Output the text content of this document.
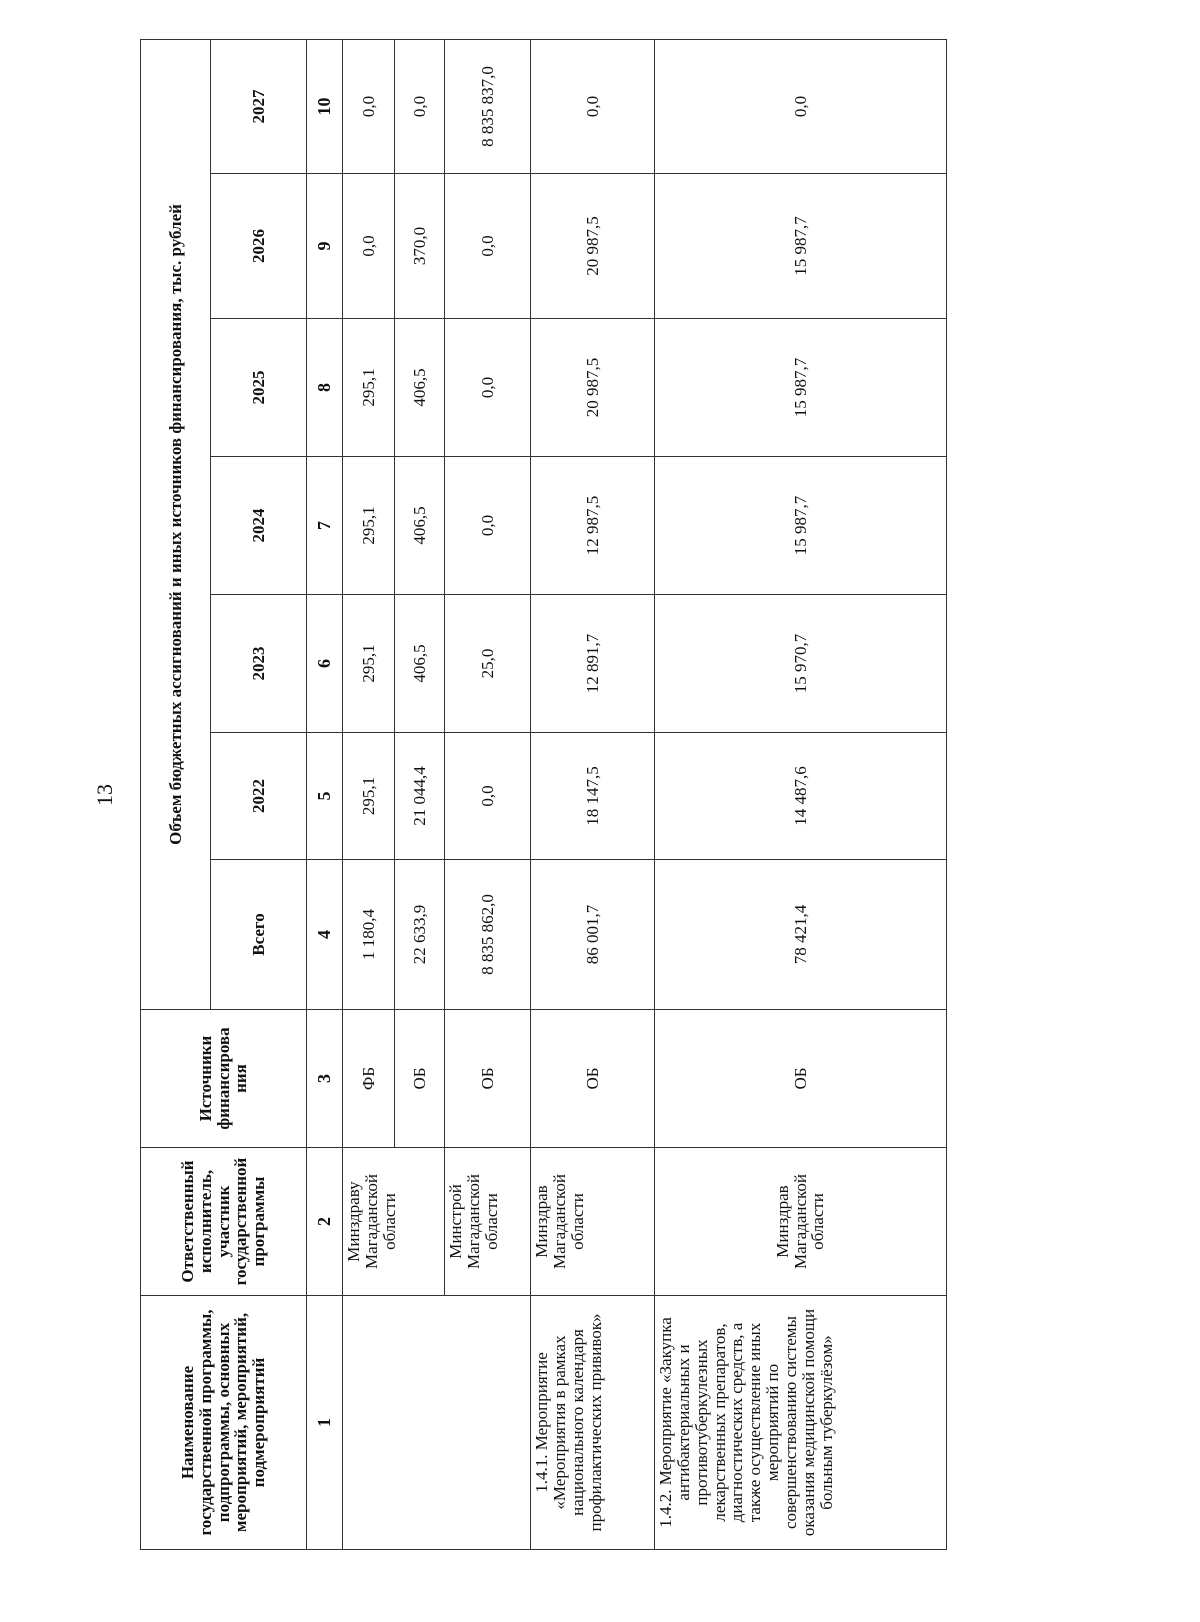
13
Наименование государственной программы, подпрограммы, основных мероприятий, мероприятий, подмероприятий	Ответственный исполнитель, участник государственной программы	Источники финансирова ния	Объем бюджетных ассигнований и иных источников финансирования, тыс. рублей						
			Всего	2022	2023	2024	2025	2026	2027
1	2	3	4	5	6	7	8	9	10
	Минздраву Магаданской области	ФБ	1 180,4	295,1	295,1	295,1	295,1	0,0	0,0
		ОБ	22 633,9	21 044,4	406,5	406,5	406,5	370,0	0,0
	Минстрой Магаданской области	ОБ	8 835 862,0	0,0	25,0	0,0	0,0	0,0	8 835 837,0
1.4.1. Мероприятие «Мероприятия в рамках национального календаря профилактических прививок»	Минздрав Магаданской области	ОБ	86 001,7	18 147,5	12 891,7	12 987,5	20 987,5	20 987,5	0,0
1.4.2. Мероприятие «Закупка антибактериальных и противотуберкулезных лекарственных препаратов, диагностических средств, а также осуществление иных мероприятий по совершенствованию системы оказания медицинской помощи больным туберкулёзом»	Минздрав Магаданской области	ОБ	78 421,4	14 487,6	15 970,7	15 987,7	15 987,7	15 987,7	0,0
